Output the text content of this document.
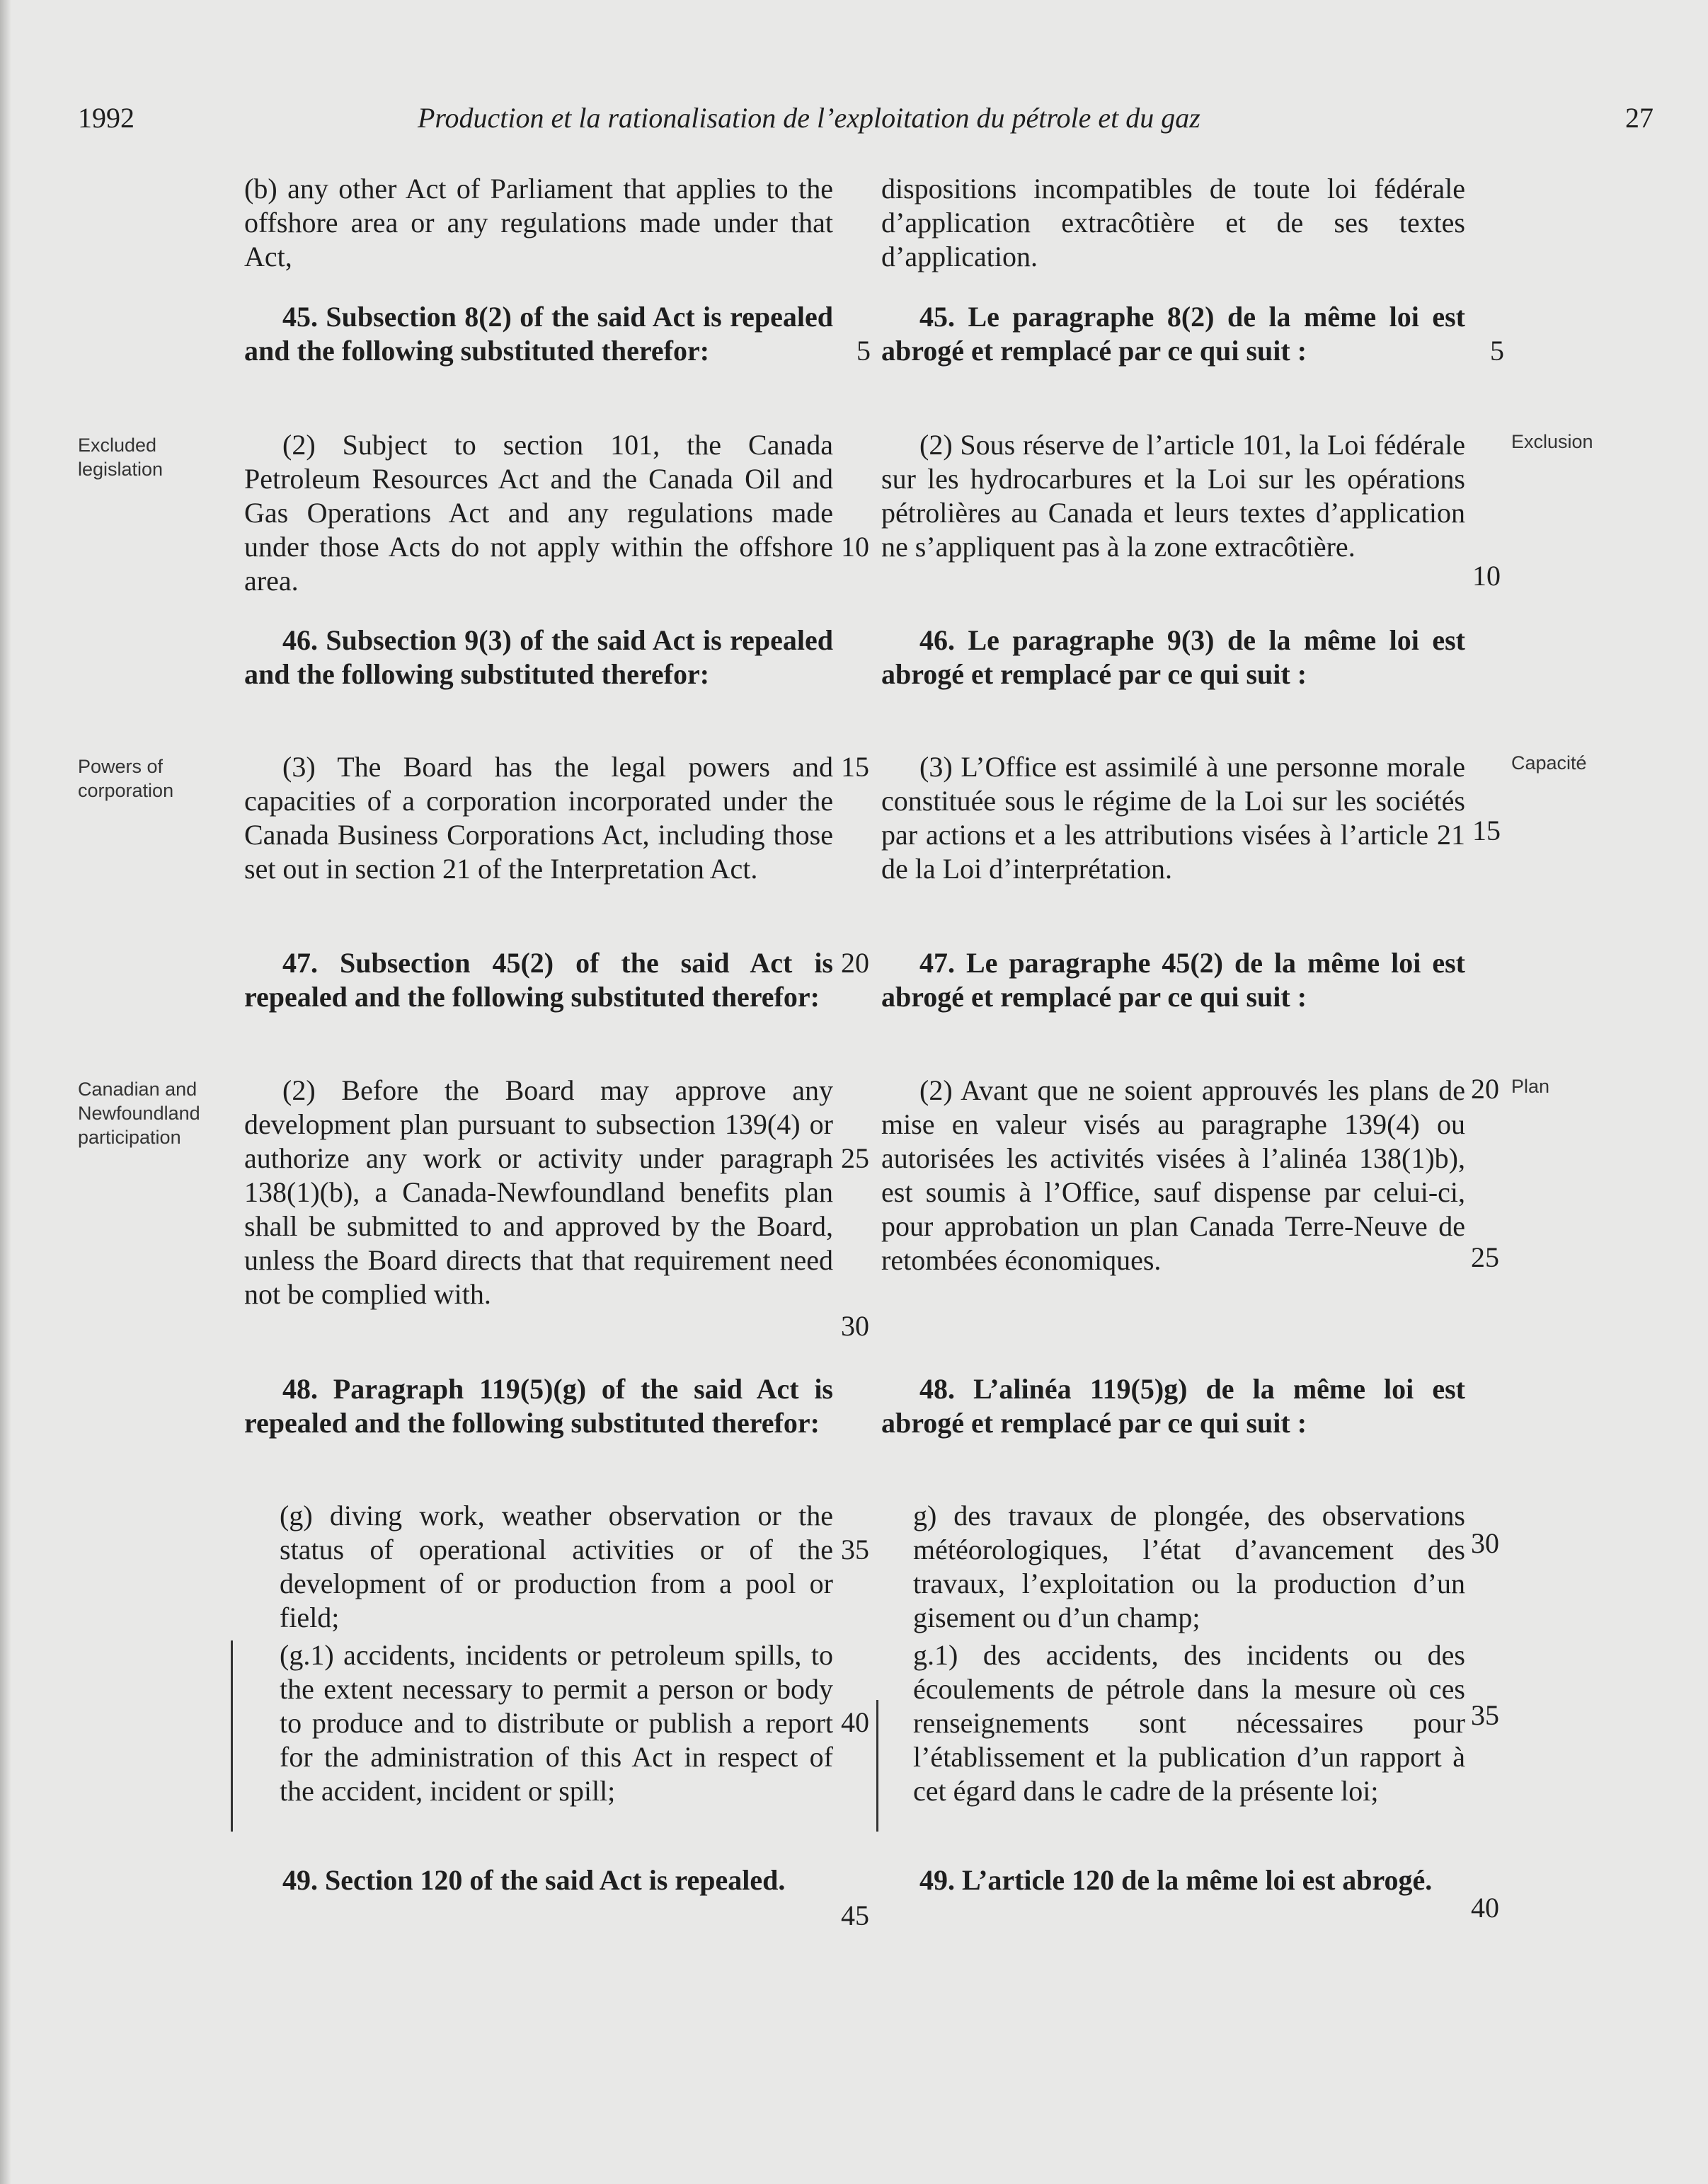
1992	Production et la rationalisation de l’exploitation du pétrole et du gaz	27
Excluded legislation
Powers of corporation
Canadian and Newfoundland participation
Exclusion
Capacité
Plan

(b) any other Act of Parliament that applies to the offshore area or any regulations made under that Act,

45. Subsection 8(2) of the said Act is repealed and the following substituted therefor:

(2) Subject to section 101, the Canada Petroleum Resources Act and the Canada Oil and Gas Operations Act and any regulations made under those Acts do not apply within the offshore area.

46. Subsection 9(3) of the said Act is repealed and the following substituted therefor:

(3) The Board has the legal powers and capacities of a corporation incorporated under the Canada Business Corporations Act, including those set out in section 21 of the Interpretation Act.

47. Subsection 45(2) of the said Act is repealed and the following substituted therefor:

(2) Before the Board may approve any development plan pursuant to subsection 139(4) or authorize any work or activity under paragraph 138(1)(b), a Canada-Newfoundland benefits plan shall be submitted to and approved by the Board, unless the Board directs that that requirement need not be complied with.

48. Paragraph 119(5)(g) of the said Act is repealed and the following substituted therefor:

(g) diving work, weather observation or the status of operational activities or of the development of or production from a pool or field;

(g.1) accidents, incidents or petroleum spills, to the extent necessary to permit a person or body to produce and to distribute or publish a report for the administration of this Act in respect of the accident, incident or spill;

49. Section 120 of the said Act is repealed.

dispositions incompatibles de toute loi fédérale d’application extracôtière et de ses textes d’application.

45. Le paragraphe 8(2) de la même loi est abrogé et remplacé par ce qui suit :

(2) Sous réserve de l’article 101, la Loi fédérale sur les hydrocarbures et la Loi sur les opérations pétrolières au Canada et leurs textes d’application ne s’appliquent pas à la zone extracôtière.

46. Le paragraphe 9(3) de la même loi est abrogé et remplacé par ce qui suit :

(3) L’Office est assimilé à une personne morale constituée sous le régime de la Loi sur les sociétés par actions et a les attributions visées à l’article 21 de la Loi d’interprétation.

47. Le paragraphe 45(2) de la même loi est abrogé et remplacé par ce qui suit :

(2) Avant que ne soient approuvés les plans de mise en valeur visés au paragraphe 139(4) ou autorisées les activités visées à l’alinéa 138(1)b), est soumis à l’Office, sauf dispense par celui-ci, pour approbation un plan Canada Terre-Neuve de retombées économiques.

48. L’alinéa 119(5)g) de la même loi est abrogé et remplacé par ce qui suit :

g) des travaux de plongée, des observations météorologiques, l’état d’avancement des travaux, l’exploitation ou la production d’un gisement ou d’un champ;

g.1) des accidents, des incidents ou des écoulements de pétrole dans la mesure où ces renseignements sont nécessaires pour l’établissement et la publication d’un rapport à cet égard dans le cadre de la présente loi;

49. L’article 120 de la même loi est abrogé.

5
10
15
20
25
30
35
40
45
5
10
15
20
25
30
35
40
